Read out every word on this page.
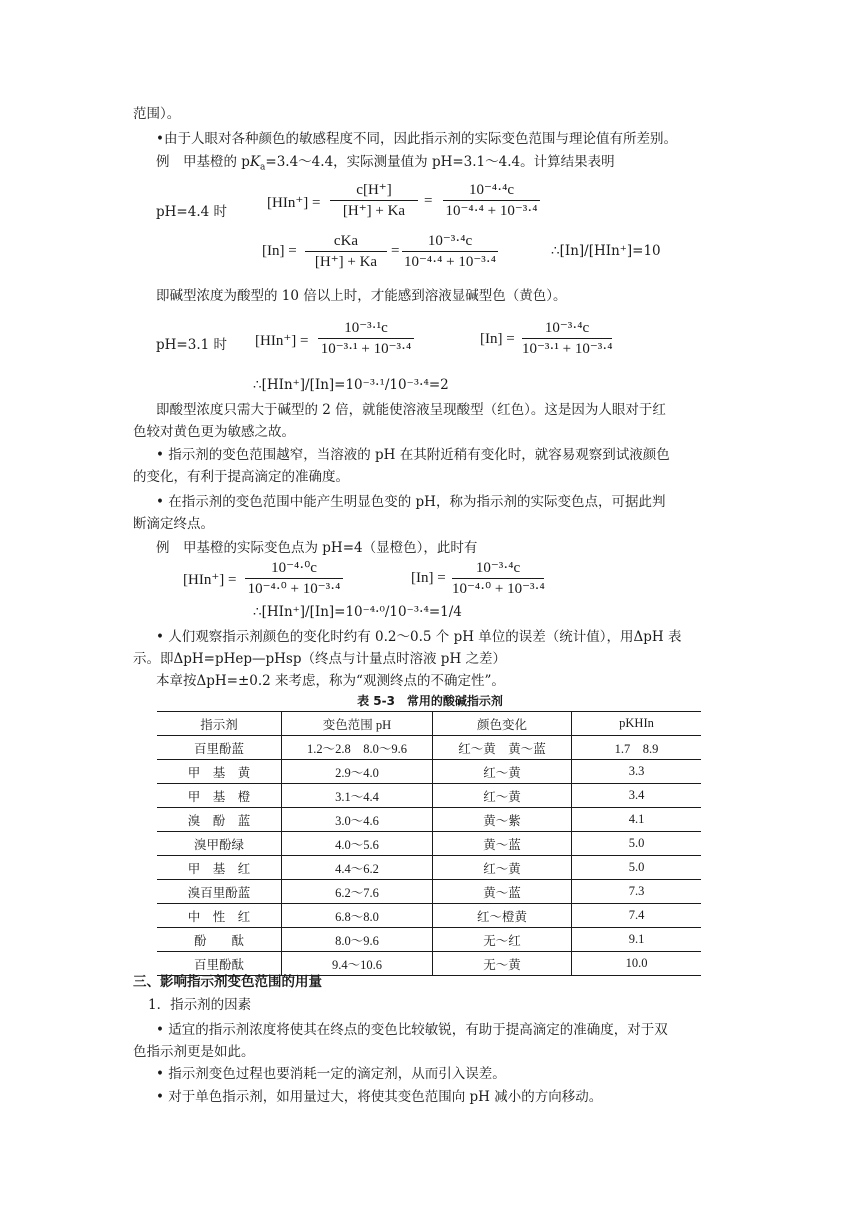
范围）。
•由于人眼对各种颜色的敏感程度不同，因此指示剂的实际变色范围与理论值有所差别。
例　甲基橙的 $pK_a=3.4\sim 4.4$，实际测量值为 pH=3.1～4.4。计算结果表明
pH=4.4 时
[HIn⁺] =
c[H⁺]
[H⁺] + Ka
=
10⁻⁴·⁴c
10⁻⁴·⁴ + 10⁻³·⁴
[In] =
cKa
[H⁺] + Ka
=
10⁻³·⁴c
10⁻⁴·⁴ + 10⁻³·⁴
∴[In]/[HIn⁺]=10
即碱型浓度为酸型的 10 倍以上时，才能感到溶液显碱型色（黄色）。
pH=3.1 时 [HIn⁺] =
10⁻³·¹c
10⁻³·¹ + 10⁻³·⁴
[In] =
10⁻³·⁴c
10⁻³·¹ + 10⁻³·⁴
∴[HIn⁺]/[In]=10⁻³·¹/10⁻³·⁴=2
即酸型浓度只需大于碱型的 2 倍，就能使溶液呈现酸型（红色）。这是因为人眼对于红
色较对黄色更为敏感之故。
• 指示剂的变色范围越窄，当溶液的 pH 在其附近稍有变化时，就容易观察到试液颜色
的变化，有利于提高滴定的准确度。
• 在指示剂的变色范围中能产生明显色变的 pH，称为指示剂的实际变色点，可据此判
断滴定终点。
例　甲基橙的实际变色点为 pH=4（显橙色），此时有
[HIn⁺] =
10⁻⁴·⁰c
10⁻⁴·⁰ + 10⁻³·⁴
[In] =
10⁻³·⁴c
10⁻⁴·⁰ + 10⁻³·⁴
∴[HIn⁺]/[In]=10⁻⁴·⁰/10⁻³·⁴=1/4
• 人们观察指示剂颜色的变化时约有 0.2～0.5 个 pH 单位的误差（统计值），用ΔpH 表
示。即ΔpH=pHep—pHsp（终点与计量点时溶液 pH 之差）
本章按ΔpH=±0.2 来考虑，称为“观测终点的不确定性”。
表 5-3　常用的酸碱指示剂
指示剂	变色范围 pH	颜色变化	pKHIn
百里酚蓝	1.2～2.8　8.0～9.6	红～黄　黄～蓝	1.7　8.9
甲　基　黄	2.9～4.0	红～黄	3.3
甲　基　橙	3.1～4.4	红～黄	3.4
溴　酚　蓝	3.0～4.6	黄～紫	4.1
溴甲酚绿	4.0～5.6	黄～蓝	5.0
甲　基　红	4.4～6.2	红～黄	5.0
溴百里酚蓝	6.2～7.6	黄～蓝	7.3
中　性　红	6.8～8.0	红～橙黄	7.4
酚　　酞	8.0～9.6	无～红	9.1
百里酚酞	9.4～10.6	无～黄	10.0
三、影响指示剂变色范围的用量
1．指示剂的因素
• 适宜的指示剂浓度将使其在终点的变色比较敏锐，有助于提高滴定的准确度，对于双
色指示剂更是如此。
• 指示剂变色过程也要消耗一定的滴定剂，从而引入误差。
• 对于单色指示剂，如用量过大，将使其变色范围向 pH 减小的方向移动。
